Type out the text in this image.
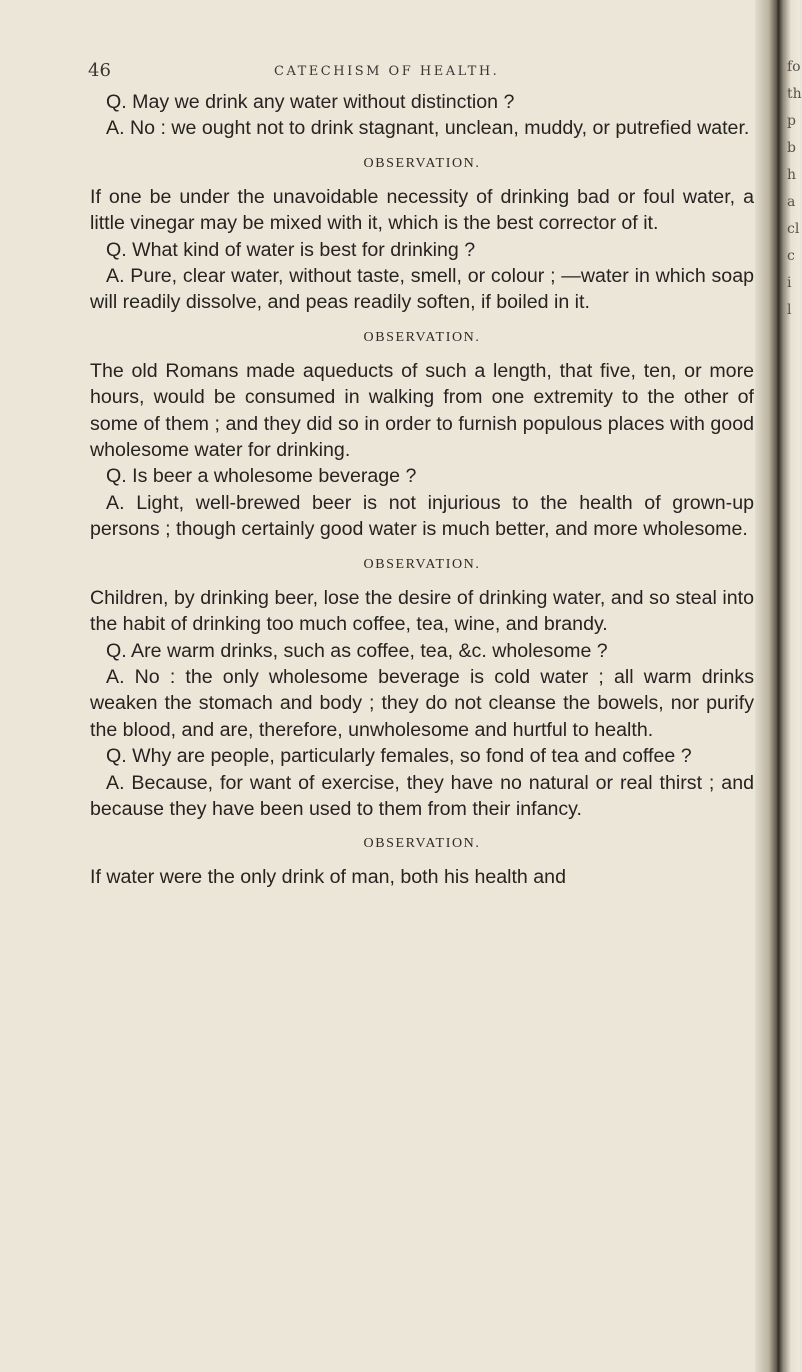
46	CATECHISM OF HEALTH.

Q. May we drink any water without distinction ?

A. No : we ought not to drink stagnant, unclean, muddy, or putrefied water.

OBSERVATION.

If one be under the unavoidable necessity of drinking bad or foul water, a little vinegar may be mixed with it, which is the best corrector of it.

Q. What kind of water is best for drinking ?

A. Pure, clear water, without taste, smell, or colour ; —water in which soap will readily dissolve, and peas readily soften, if boiled in it.

OBSERVATION.

The old Romans made aqueducts of such a length, that five, ten, or more hours, would be consumed in walking from one extremity to the other of some of them ; and they did so in order to furnish populous places with good wholesome water for drinking.

Q. Is beer a wholesome beverage ?

A. Light, well-brewed beer is not injurious to the health of grown-up persons ; though certainly good water is much better, and more wholesome.

OBSERVATION.

Children, by drinking beer, lose the desire of drinking water, and so steal into the habit of drinking too much coffee, tea, wine, and brandy.

Q. Are warm drinks, such as coffee, tea, &c. wholesome ?

A. No : the only wholesome beverage is cold water ; all warm drinks weaken the stomach and body ; they do not cleanse the bowels, nor purify the blood, and are, therefore, unwholesome and hurtful to health.

Q. Why are people, particularly females, so fond of tea and coffee ?

A. Because, for want of exercise, they have no natural or real thirst ; and because they have been used to them from their infancy.

OBSERVATION.

If water were the only drink of man, both his health and

fo
th
p
b
h
a
cl
c
i
l
